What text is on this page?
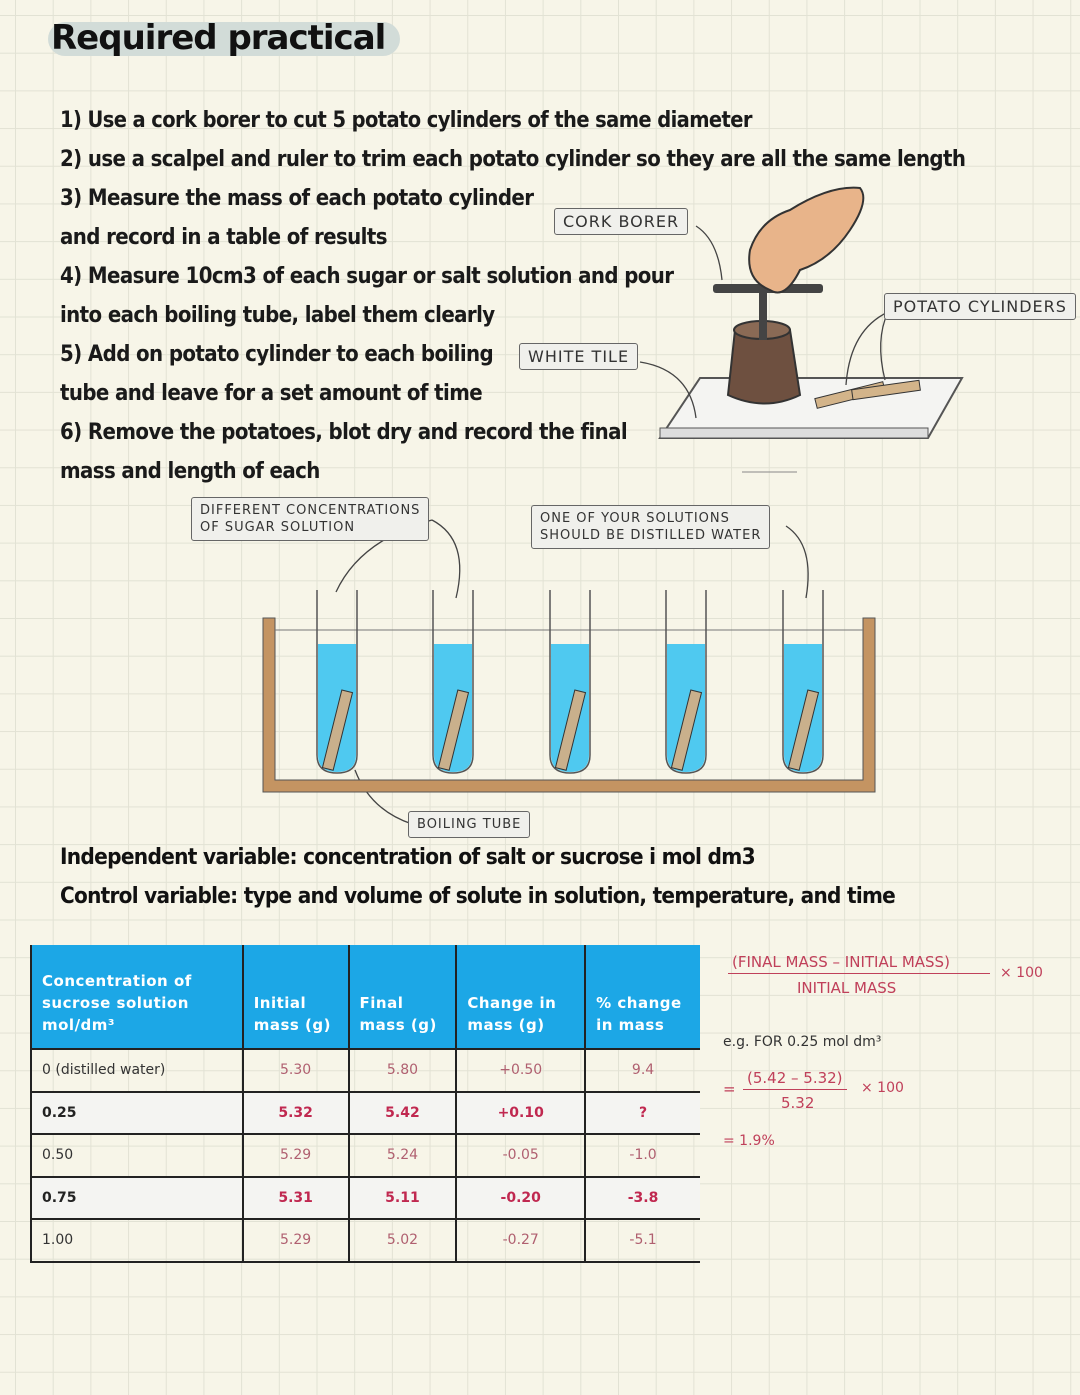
Required practical
1) Use a cork borer to cut 5 potato cylinders of the same diameter
2) use a scalpel and ruler to trim each potato cylinder so they are all the same length
3) Measure the mass of each potato cylinder
and record in a table of results
4) Measure 10cm3 of each sugar or salt solution and pour
into each boiling tube, label them clearly
5) Add on potato cylinder to each boiling
tube and leave for a set amount of time
6) Remove the potatoes, blot dry and record the final
mass and length of each
CORK BORER
POTATO CYLINDERS
WHITE TILE
DIFFERENT CONCENTRATIONS
OF SUGAR SOLUTION
ONE OF YOUR SOLUTIONS
SHOULD BE DISTILLED WATER
BOILING TUBE
Independent variable: concentration of salt or sucrose i mol dm3
Control variable: type and volume of solute in solution, temperature, and time
Concentration of sucrose solution mol/dm³	Initial mass (g)	Final mass (g)	Change in mass (g)	% change in mass
0 (distilled water)	5.30	5.80	+0.50	9.4
0.25	5.32	5.42	+0.10	?
0.50	5.29	5.24	-0.05	-1.0
0.75	5.31	5.11	-0.20	-3.8
1.00	5.29	5.02	-0.27	-5.1
(FINAL MASS – INITIAL MASS)
INITIAL MASS
× 100
e.g. FOR 0.25 mol dm³
=
(5.42 – 5.32)
5.32
× 100
= 1.9%
